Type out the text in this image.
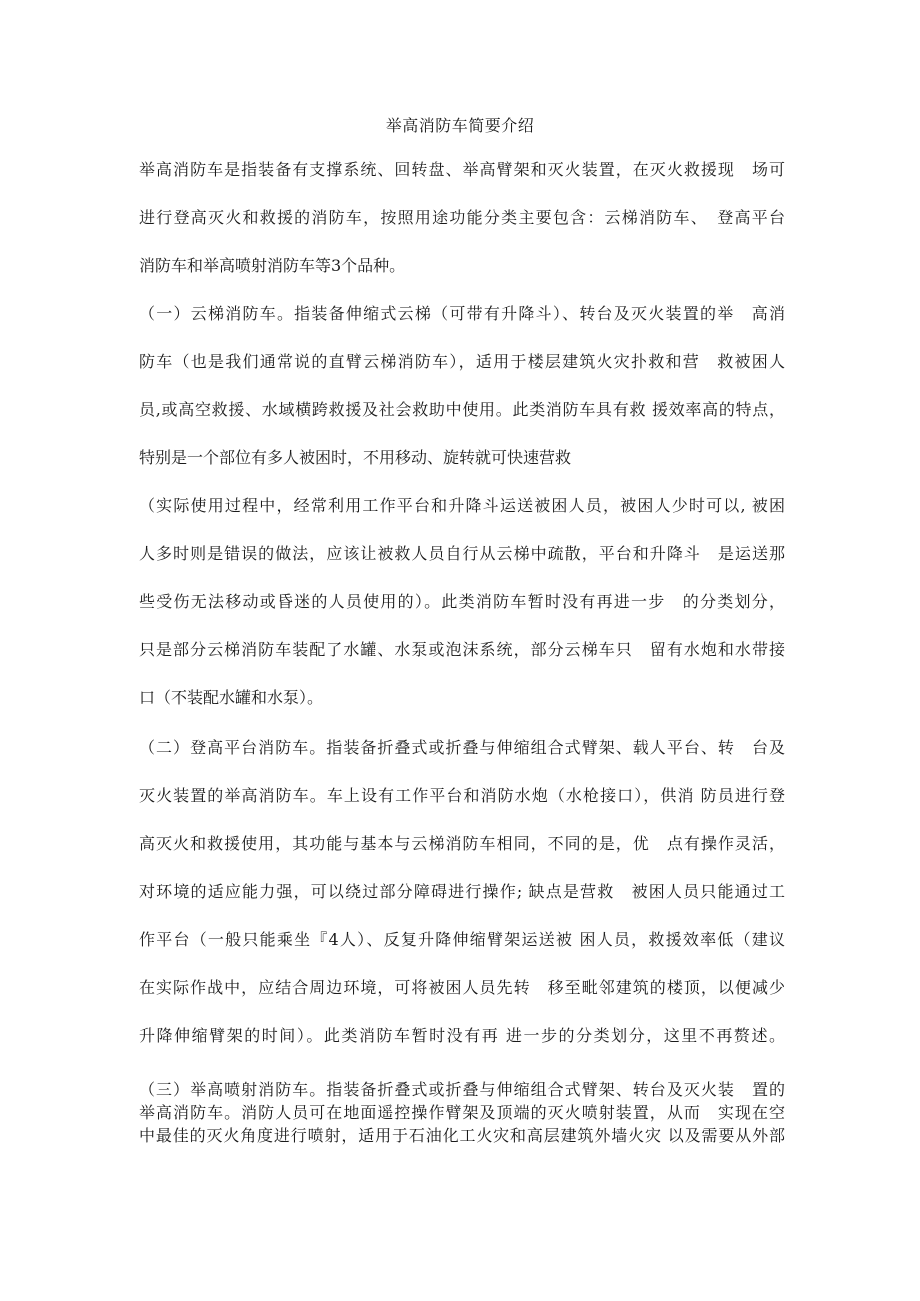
举高消防车简要介绍
举高消防车是指装备有支撑系统、回转盘、举高臂架和灭火装置，在灭火救援现　场可
进行登高灭火和救援的消防车，按照用途功能分类主要包含：云梯消防车、　登高平台
消防车和举高喷射消防车等3个品种。
（一）云梯消防车。指装备伸缩式云梯（可带有升降斗）、转台及灭火装置的举　高消
防车（也是我们通常说的直臂云梯消防车），适用于楼层建筑火灾扑救和营　救被困人
员,或高空救援、水域横跨救援及社会救助中使用。此类消防车具有救 援效率高的特点，
特别是一个部位有多人被困时，不用移动、旋转就可快速营救
（实际使用过程中，经常利用工作平台和升降斗运送被困人员，被困人少时可以, 被困
人多时则是错误的做法，应该让被救人员自行从云梯中疏散，平台和升降斗　是运送那
些受伤无法移动或昏迷的人员使用的）。此类消防车暂时没有再进一步　的分类划分，
只是部分云梯消防车装配了水罐、水泵或泡沫系统，部分云梯车只　留有水炮和水带接
口（不装配水罐和水泵）。
（二）登高平台消防车。指装备折叠式或折叠与伸缩组合式臂架、载人平台、转　台及
灭火装置的举高消防车。车上设有工作平台和消防水炮（水枪接口），供消 防员进行登
高灭火和救援使用，其功能与基本与云梯消防车相同，不同的是，优　点有操作灵活，
对环境的适应能力强，可以绕过部分障碍进行操作; 缺点是营救　被困人员只能通过工
作平台（一般只能乘坐『4人）、反复升降伸缩臂架运送被 困人员，救援效率低（建议
在实际作战中，应结合周边环境，可将被困人员先转　移至毗邻建筑的楼顶，以便减少
升降伸缩臂架的时间）。此类消防车暂时没有再 进一步的分类划分，这里不再赘述。
（三）举高喷射消防车。指装备折叠式或折叠与伸缩组合式臂架、转台及灭火装　置的
举高消防车。消防人员可在地面遥控操作臂架及顶端的灭火喷射装置，从而　实现在空
中最佳的灭火角度进行喷射，适用于石油化工火灾和高层建筑外墙火灾 以及需要从外部
